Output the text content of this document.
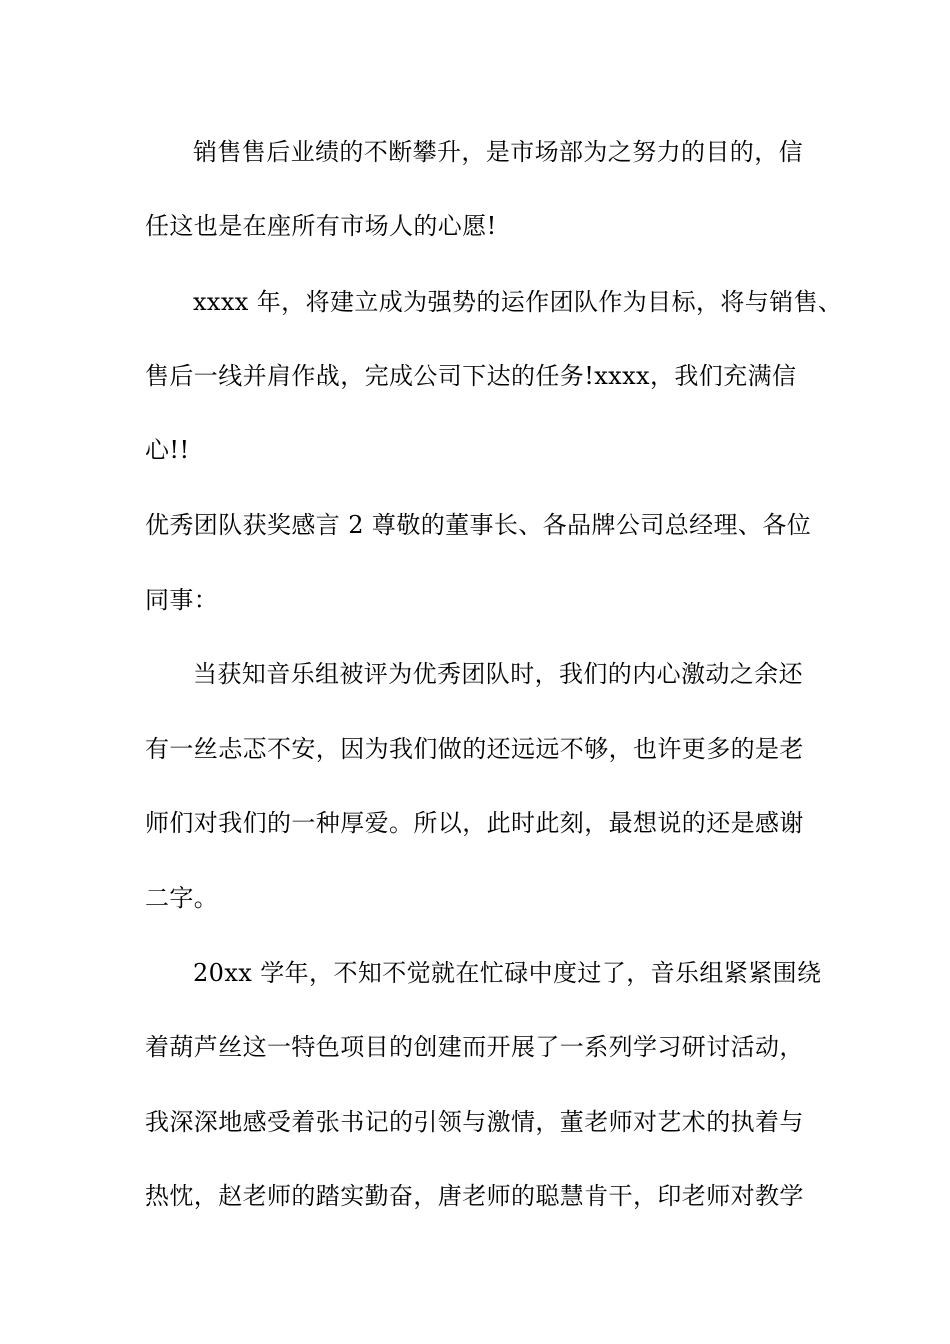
销售售后业绩的不断攀升，是市场部为之努力的目的，信
任这也是在座所有市场人的心愿!
xxxx 年，将建立成为强势的运作团队作为目标，将与销售、
售后一线并肩作战，完成公司下达的任务!xxxx，我们充满信
心!!
优秀团队获奖感言 2 尊敬的董事长、各品牌公司总经理、各位
同事：
当获知音乐组被评为优秀团队时，我们的内心激动之余还
有一丝忐忑不安，因为我们做的还远远不够，也许更多的是老
师们对我们的一种厚爱。所以，此时此刻，最想说的还是感谢
二字。
20xx 学年，不知不觉就在忙碌中度过了，音乐组紧紧围绕
着葫芦丝这一特色项目的创建而开展了一系列学习研讨活动，
我深深地感受着张书记的引领与激情，董老师对艺术的执着与
热忱，赵老师的踏实勤奋，唐老师的聪慧肯干，印老师对教学
